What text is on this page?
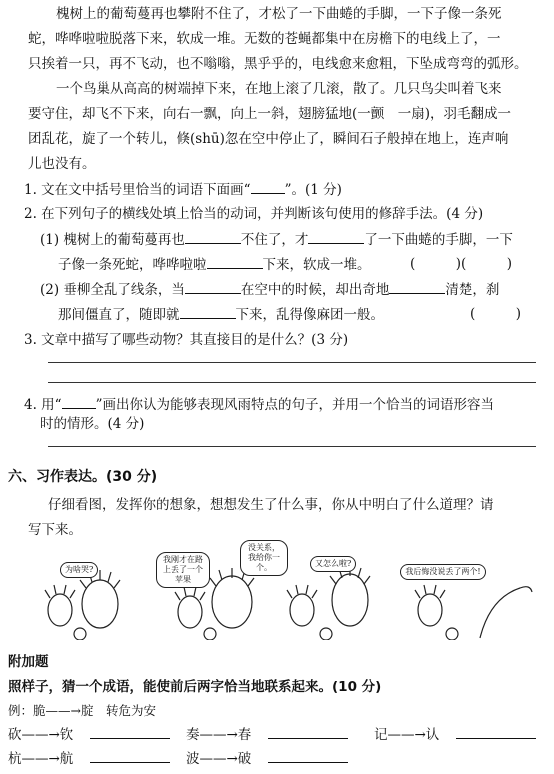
槐树上的葡萄蔓再也攀附不住了，才松了一下曲蜷的手脚，一下子像一条死
蛇，哗哗啦啦脱落下来，软成一堆。无数的苍蝇都集中在房檐下的电线上了，一
只挨着一只，再不飞动，也不嗡嗡，黑乎乎的，电线愈来愈粗，下坠成弯弯的弧形。
一个鸟巢从高高的树端掉下来，在地上滚了几滚，散了。几只鸟尖叫着飞来
要守住，却飞不下来，向右一飘，向上一斜，翅膀猛地(一颤　一扇)，羽毛翻成一
团乱花，旋了一个转儿，倏(shū)忽在空中停止了，瞬间石子般掉在地上，连声响
儿也没有。
1. 文在文中括号里恰当的词语下面画“	”。(1 分)
2. 在下列句子的横线处填上恰当的动词，并判断该句使用的修辞手法。(4 分)
(1) 槐树上的葡萄蔓再也	不住了，才	了一下曲蜷的手脚，一下
子像一条死蛇，哗哗啦啦	下来，软成一堆。	(　　　)(　　　)
(2) 垂柳全乱了线条，当	在空中的时候，却出奇地	清楚，刹
那间僵直了，随即就	下来，乱得像麻团一般。	(　　　)
3. 文章中描写了哪些动物？其直接目的是什么？(3 分)
4. 用“	”画出你认为能够表现风雨特点的句子，并用一个恰当的词语形容当
时的情形。(4 分)
六、习作表达。(30 分)
仔细看图，发挥你的想象，想想发生了什么事，你从中明白了什么道理？请
写下来。
为啥哭?
我刚才在路上丢了一个苹果
没关系，我给你一个。	又怎么啦?
我后悔没说丢了两个!
附加题
照样子，猜一个成语，能使前后两字恰当地联系起来。(10 分)
例：脆——→腚　转危为安
砍——→钦	奏——→春	记——→认
杭——→航	波——→破
